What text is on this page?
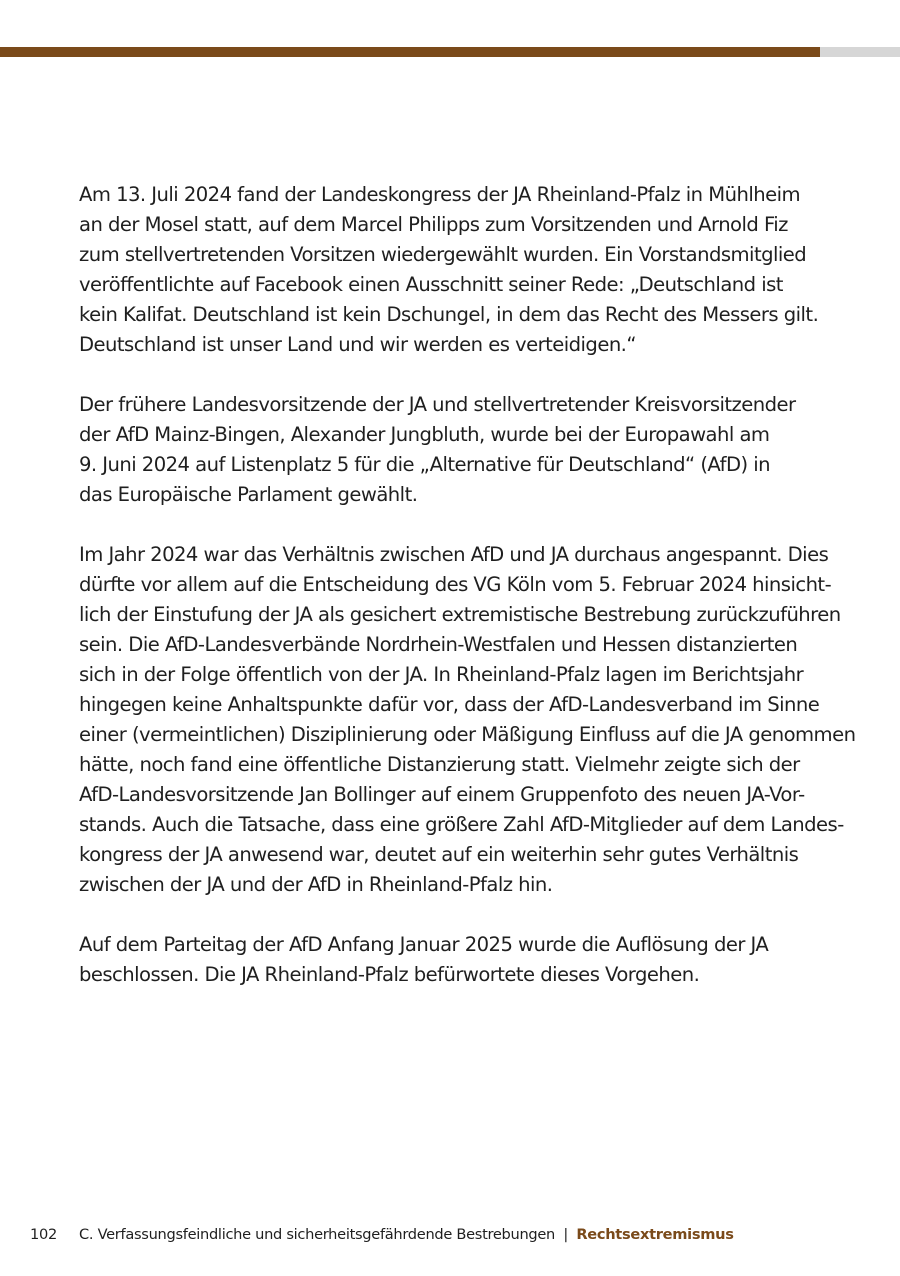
Am 13. Juli 2024 fand der Landeskongress der JA Rheinland-Pfalz in Mühlheim
an der Mosel statt, auf dem Marcel Philipps zum Vorsitzenden und Arnold Fiz
zum stellvertretenden Vorsitzen wiedergewählt wurden. Ein Vorstandsmitglied
veröffentlichte auf Facebook einen Ausschnitt seiner Rede: „Deutschland ist
kein Kalifat. Deutschland ist kein Dschungel, in dem das Recht des Messers gilt.
Deutschland ist unser Land und wir werden es verteidigen.“

Der frühere Landesvorsitzende der JA und stellvertretender Kreisvorsitzender
der AfD Mainz-Bingen, Alexander Jungbluth, wurde bei der Europawahl am
9. Juni 2024 auf Listenplatz 5 für die „Alternative für Deutschland“ (AfD) in
das Europäische Parlament gewählt.

Im Jahr 2024 war das Verhältnis zwischen AfD und JA durchaus angespannt. Dies
dürfte vor allem auf die Entscheidung des VG Köln vom 5. Februar 2024 hinsicht-
lich der Einstufung der JA als gesichert extremistische Bestrebung zurückzuführen
sein. Die AfD-Landesverbände Nordrhein-Westfalen und Hessen distanzierten
sich in der Folge öffentlich von der JA. In Rheinland-Pfalz lagen im Berichtsjahr
hingegen keine Anhaltspunkte dafür vor, dass der AfD-Landesverband im Sinne
einer (vermeintlichen) Disziplinierung oder Mäßigung Einfluss auf die JA genommen
hätte, noch fand eine öffentliche Distanzierung statt. Vielmehr zeigte sich der
AfD-Landesvorsitzende Jan Bollinger auf einem Gruppenfoto des neuen JA-Vor-
stands. Auch die Tatsache, dass eine größere Zahl AfD-Mitglieder auf dem Landes-
kongress der JA anwesend war, deutet auf ein weiterhin sehr gutes Verhältnis
zwischen der JA und der AfD in Rheinland-Pfalz hin.

Auf dem Parteitag der AfD Anfang Januar 2025 wurde die Auflösung der JA
beschlossen. Die JA Rheinland-Pfalz befürwortete dieses Vorgehen.

102 C. Verfassungsfeindliche und sicherheitsgefährdende Bestrebungen | Rechtsextremismus
